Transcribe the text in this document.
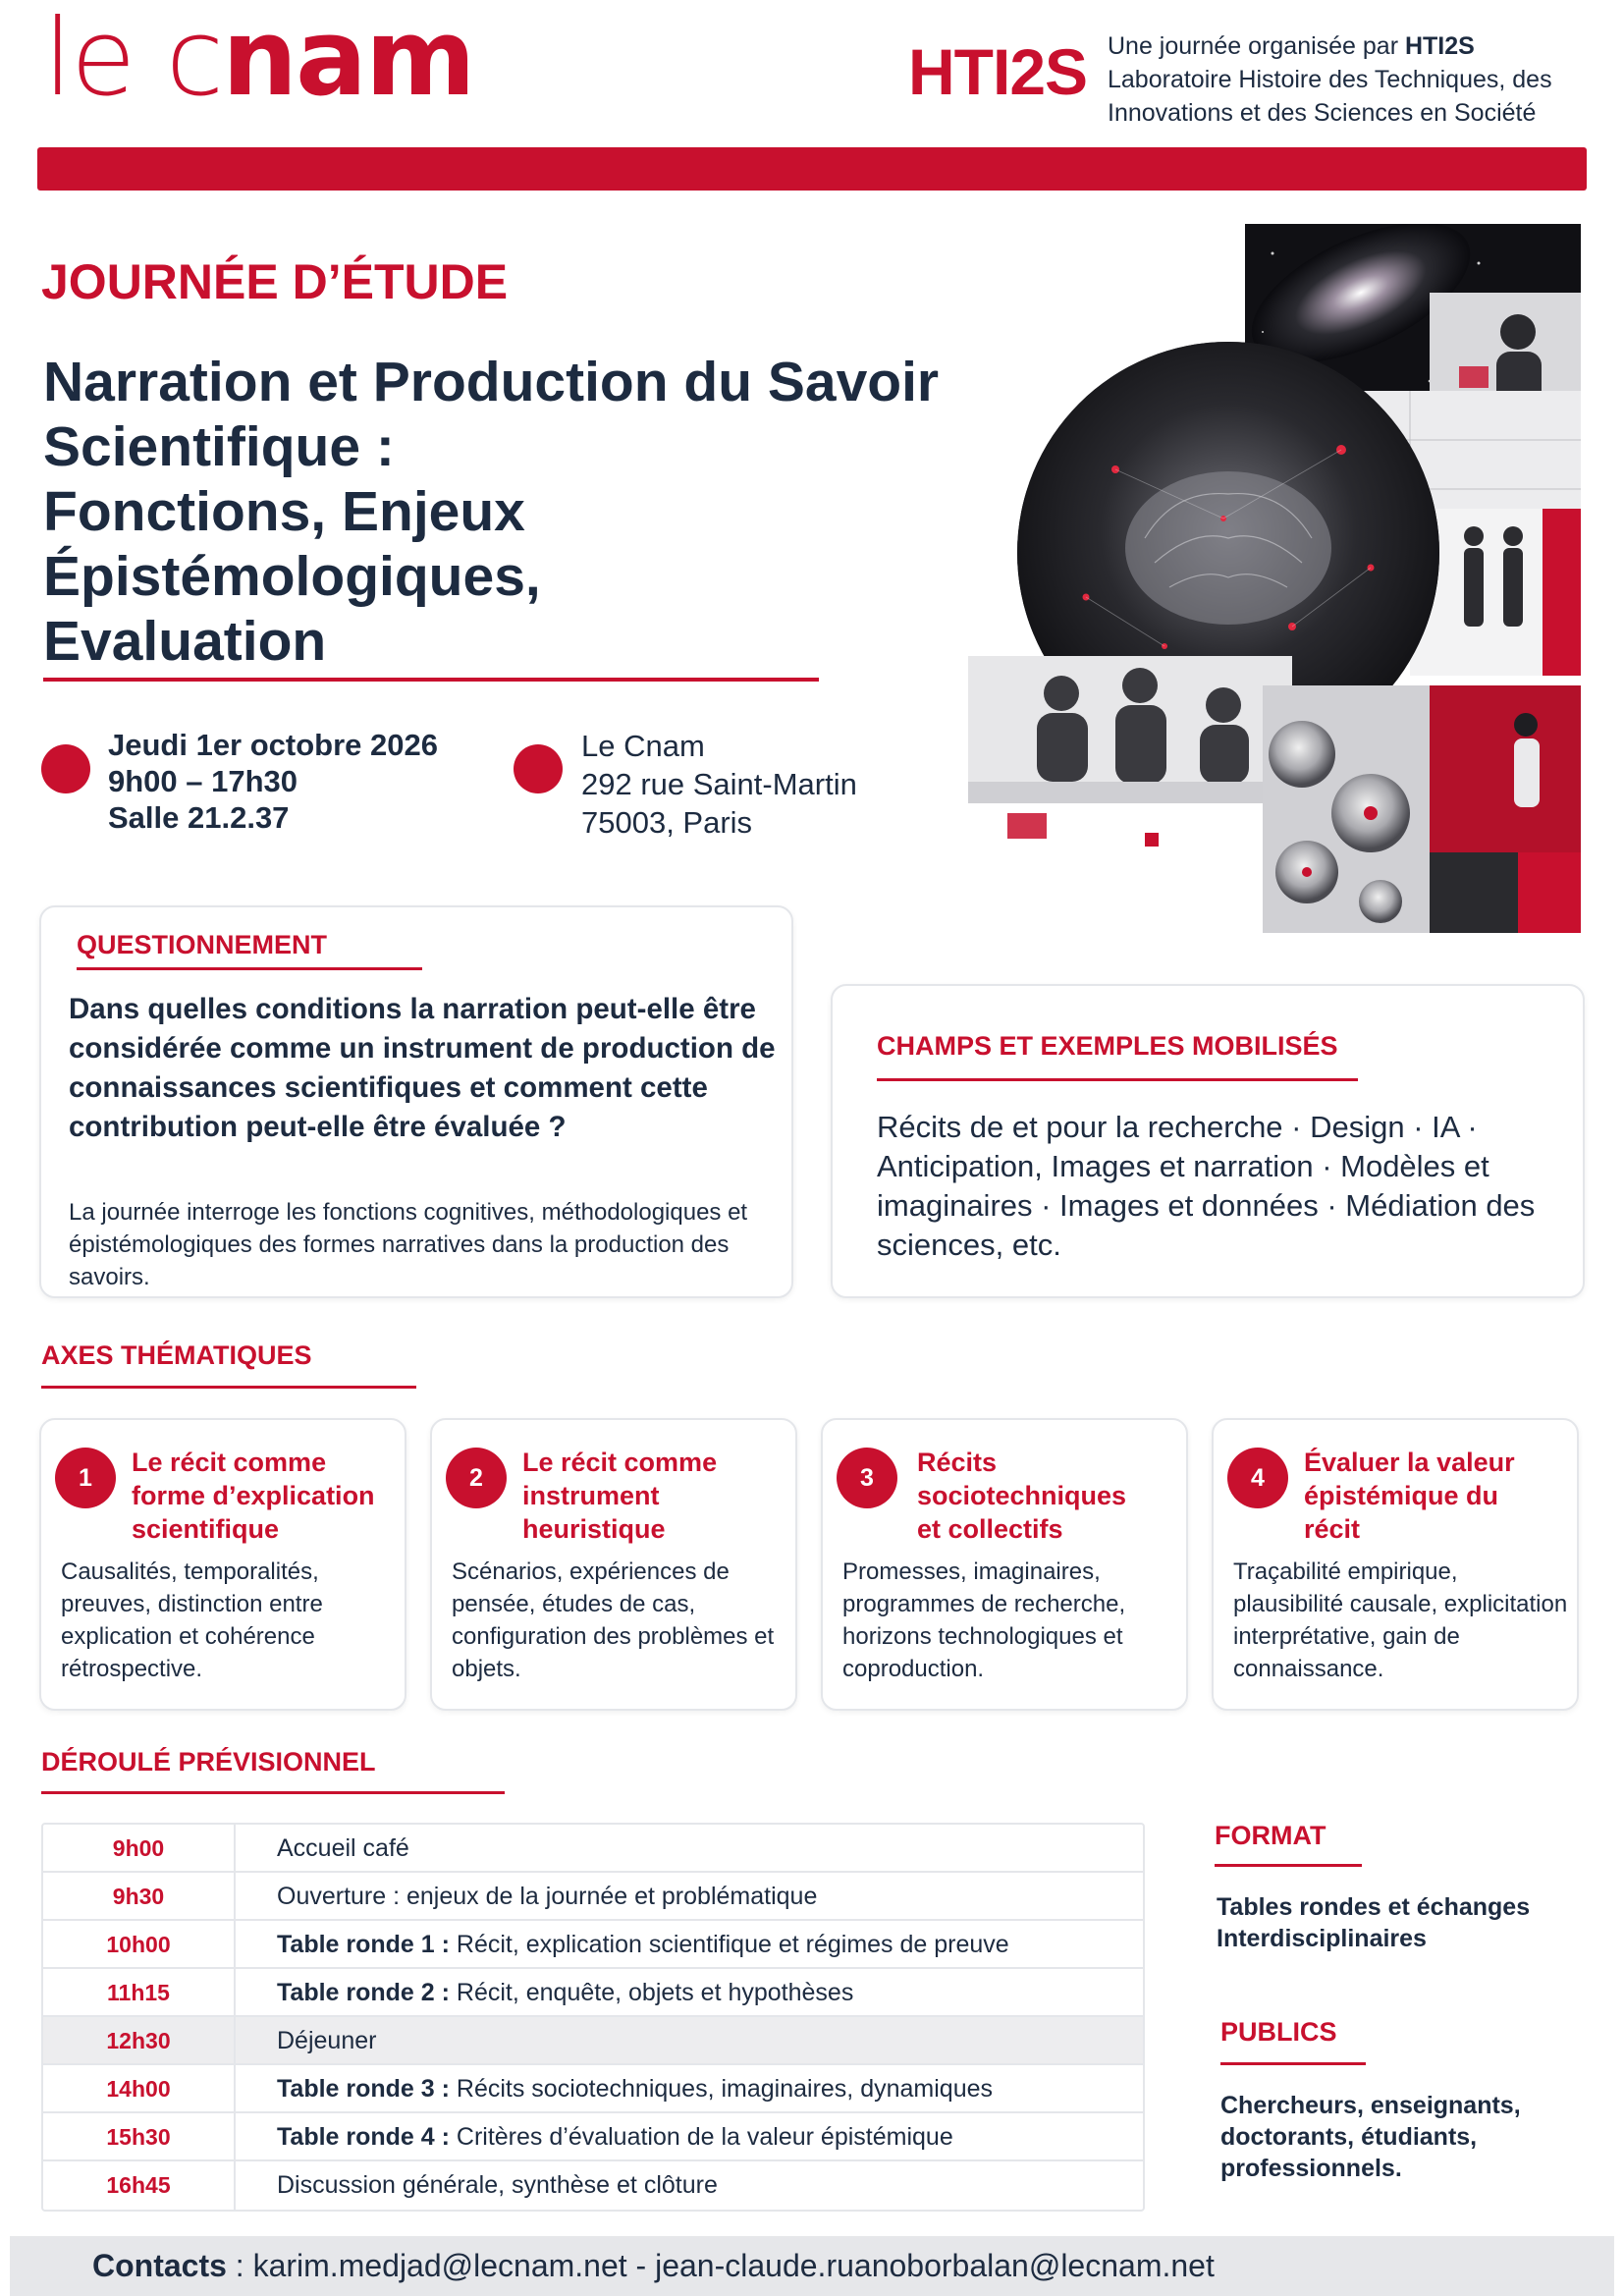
le cnam	HTI2S Une journée organisée par HTI2S
Laboratoire Histoire des Techniques, des
Innovations et des Sciences en Société
JOURNÉE D’ÉTUDE
Narration et Production du Savoir
Scientifique :
Fonctions, Enjeux Épistémologiques,
Evaluation
Jeudi 1er octobre 2026
9h00 – 17h30
Salle 21.2.37
Le Cnam
292 rue Saint-Martin
75003, Paris
QUESTIONNEMENT
Dans quelles conditions la narration peut-elle être considérée comme un instrument de production de connaissances scientifiques et comment cette contribution peut-elle être évaluée ?
La journée interroge les fonctions cognitives, méthodologiques et épistémologiques des formes narratives dans la production des savoirs.
CHAMPS ET EXEMPLES MOBILISÉS
Récits de et pour la recherche · Design · IA · Anticipation, Images et narration · Modèles et imaginaires · Images et données · Médiation des sciences, etc.
AXES THÉMATIQUES
1
Le récit comme
forme d’explication
scientifique
Causalités, temporalités, preuves, distinction entre explication et cohérence rétrospective.
2
Le récit comme
instrument
heuristique
Scénarios, expériences de pensée, études de cas, configuration des problèmes et objets.
3
Récits
sociotechniques
et collectifs
Promesses, imaginaires, programmes de recherche, horizons technologiques et coproduction.
4
Évaluer la valeur
épistémique du
récit
Traçabilité empirique, plausibilité causale, explicitation interprétative, gain de connaissance.
DÉROULÉ PRÉVISIONNEL
9h00	Accueil café
9h30	Ouverture : enjeux de la journée et problématique
10h00	Table ronde 1 : Récit, explication scientifique et régimes de preuve
11h15	Table ronde 2 : Récit, enquête, objets et hypothèses
12h30	Déjeuner
14h00	Table ronde 3 : Récits sociotechniques, imaginaires, dynamiques
15h30	Table ronde 4 : Critères d’évaluation de la valeur épistémique
16h45	Discussion générale, synthèse et clôture
FORMAT
Tables rondes et échanges
Interdisciplinaires
PUBLICS
Chercheurs, enseignants,
doctorants, étudiants,
professionnels.
Contacts : karim.medjad@lecnam.net - jean-claude.ruanoborbalan@lecnam.net
